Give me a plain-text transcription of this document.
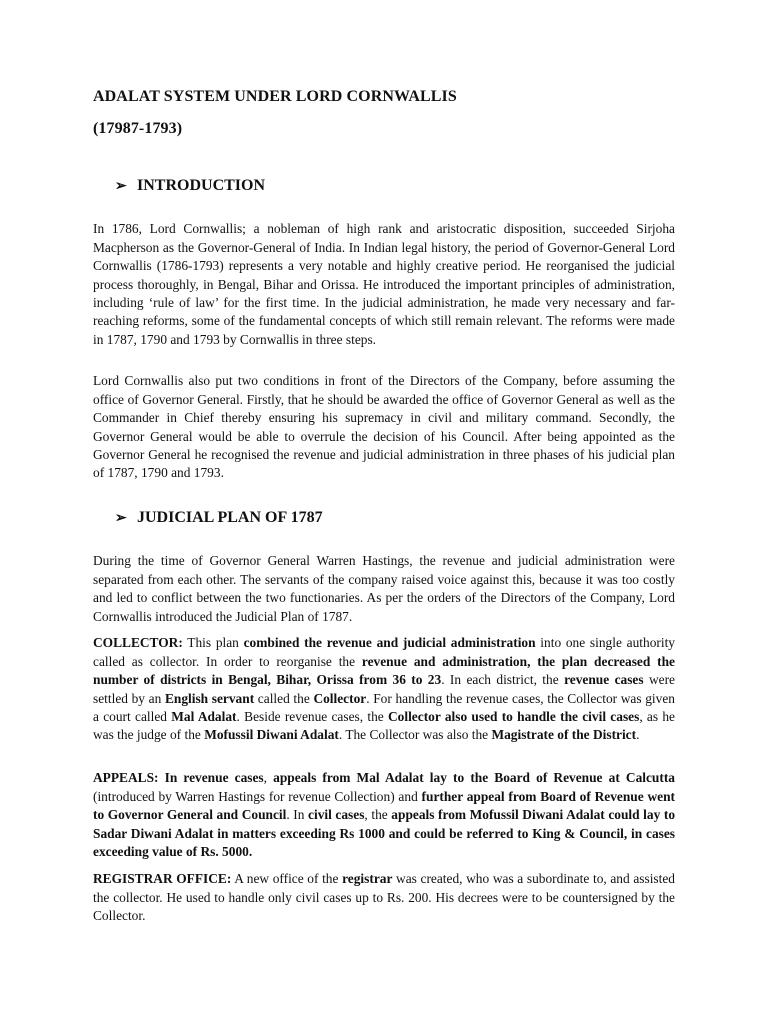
ADALAT SYSTEM UNDER LORD CORNWALLIS
(17987-1793)
➢ INTRODUCTION

In 1786, Lord Cornwallis; a nobleman of high rank and aristocratic disposition, succeeded Sirjoha Macpherson as the Governor-General of India. In Indian legal history, the period of Governor-General Lord Cornwallis (1786-1793) represents a very notable and highly creative period. He reorganised the judicial process thoroughly, in Bengal, Bihar and Orissa. He introduced the important principles of administration, including ‘rule of law’ for the first time. In the judicial administration, he made very necessary and far-reaching reforms, some of the fundamental concepts of which still remain relevant. The reforms were made in 1787, 1790 and 1793 by Cornwallis in three steps.

Lord Cornwallis also put two conditions in front of the Directors of the Company, before assuming the office of Governor General. Firstly, that he should be awarded the office of Governor General as well as the Commander in Chief thereby ensuring his supremacy in civil and military command. Secondly, the Governor General would be able to overrule the decision of his Council. After being appointed as the Governor General he recognised the revenue and judicial administration in three phases of his judicial plan of 1787, 1790 and 1793.

➢ JUDICIAL PLAN OF 1787

During the time of Governor General Warren Hastings, the revenue and judicial administration were separated from each other. The servants of the company raised voice against this, because it was too costly and led to conflict between the two functionaries. As per the orders of the Directors of the Company, Lord Cornwallis introduced the Judicial Plan of 1787.

COLLECTOR: This plan combined the revenue and judicial administration into one single authority called as collector. In order to reorganise the revenue and administration, the plan decreased the number of districts in Bengal, Bihar, Orissa from 36 to 23. In each district, the revenue cases were settled by an English servant called the Collector. For handling the revenue cases, the Collector was given a court called Mal Adalat. Beside revenue cases, the Collector also used to handle the civil cases, as he was the judge of the Mofussil Diwani Adalat. The Collector was also the Magistrate of the District.

APPEALS: In revenue cases, appeals from Mal Adalat lay to the Board of Revenue at Calcutta (introduced by Warren Hastings for revenue Collection) and further appeal from Board of Revenue went to Governor General and Council. In civil cases, the appeals from Mofussil Diwani Adalat could lay to Sadar Diwani Adalat in matters exceeding Rs 1000 and could be referred to King & Council, in cases exceeding value of Rs. 5000.

REGISTRAR OFFICE: A new office of the registrar was created, who was a subordinate to, and assisted the collector. He used to handle only civil cases up to Rs. 200. His decrees were to be countersigned by the Collector.
